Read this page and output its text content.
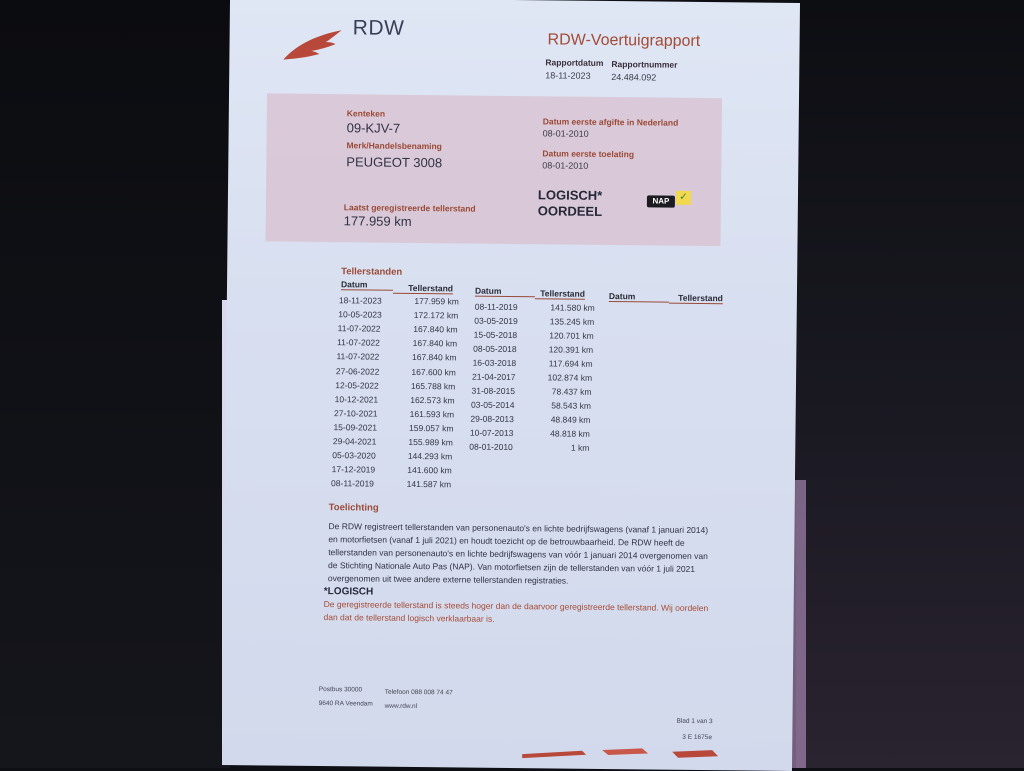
RDW
RDW-Voertuigrapport
Rapportdatum
18-11-2023
Rapportnummer
24.484.092
Kenteken
09-KJV-7
Merk/Handelsbenaming
PEUGEOT 3008
Datum eerste afgifte in Nederland
08-01-2010
Datum eerste toelating
08-01-2010
Laatst geregistreerde tellerstand
177.959 km
LOGISCH*
OORDEEL
NAP ✓
Tellerstanden
Datum	Tellerstand	Datum	Tellerstand	Datum	Tellerstand
18-11-2023	177.959 km
10-05-2023	172.172 km
11-07-2022	167.840 km
11-07-2022	167.840 km
11-07-2022	167.840 km
27-06-2022	167.600 km
12-05-2022	165.788 km
10-12-2021	162.573 km
27-10-2021	161.593 km
15-09-2021	159.057 km
29-04-2021	155.989 km
05-03-2020	144.293 km
17-12-2019	141.600 km
08-11-2019	141.587 km
08-11-2019	141.580 km
03-05-2019	135.245 km
15-05-2018	120.701 km
08-05-2018	120.391 km
16-03-2018	117.694 km
21-04-2017	102.874 km
31-08-2015	78.437 km
03-05-2014	58.543 km
29-08-2013	48.849 km
10-07-2013	48.818 km
08-01-2010	1 km
Toelichting
De RDW registreert tellerstanden van personenauto's en lichte bedrijfswagens (vanaf 1 januari 2014) en motorfietsen (vanaf 1 juli 2021) en houdt toezicht op de betrouwbaarheid. De RDW heeft de tellerstanden van personenauto's en lichte bedrijfswagens van vóór 1 januari 2014 overgenomen van de Stichting Nationale Auto Pas (NAP). Van motorfietsen zijn de tellerstanden van vóór 1 juli 2021 overgenomen uit twee andere externe tellerstanden registraties.
*LOGISCH
De geregistreerde tellerstand is steeds hoger dan de daarvoor geregistreerde tellerstand. Wij oordelen dan dat de tellerstand logisch verklaarbaar is.
Postbus 30000
9640 RA Veendam
Telefoon 088 008 74 47
www.rdw.nl
Blad 1 van 3
3 E 1675e
